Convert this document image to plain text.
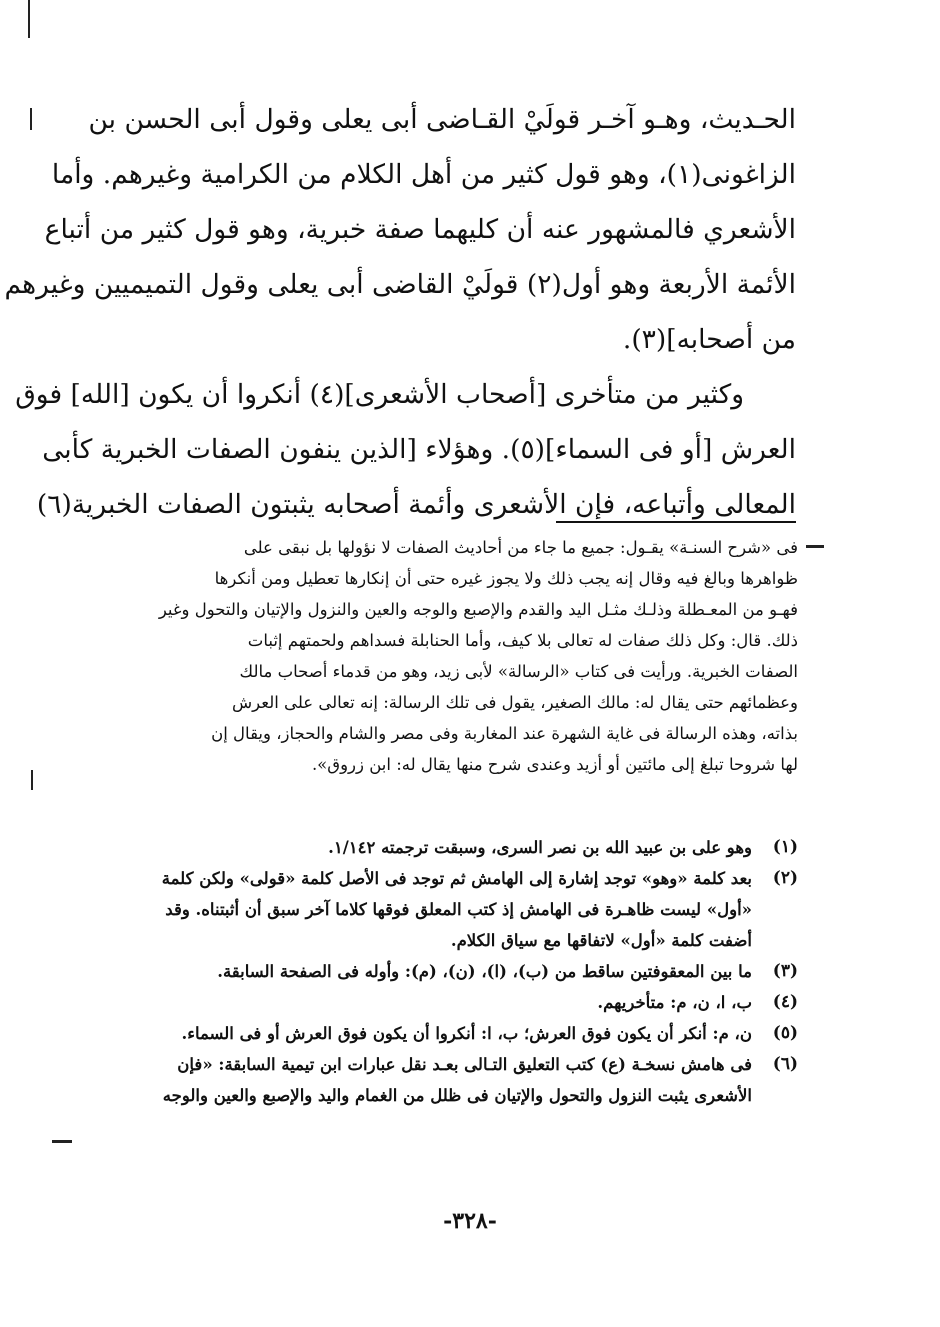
الحـديث، وهـو آخـر قولَيْ القـاضى أبى يعلى وقول أبى الحسن بن
الزاغونى(١)، وهو قول كثير من أهل الكلام من الكرامية وغيرهم. وأما
الأشعري فالمشهور عنه أن كليهما صفة خبرية، وهو قول كثير من أتباع
الأئمة الأربعة وهو أول(٢) قولَيْ القاضى أبى يعلى وقول التميميين وغيرهم
من أصحابه](٣).
وكثير من متأخرى [أصحاب الأشعرى](٤) أنكروا أن يكون [الله] فوق
العرش [أو فى السماء](٥). وهؤلاء [الذين ينفون الصفات الخبرية كأبى
المعالى وأتباعه، فإن الأشعرى وأئمة أصحابه يثبتون الصفات الخبرية(٦)
فى «شرح السنـة» يقـول: جميع ما جاء من أحاديث الصفات لا نؤولها بل نبقى على
ظواهرها وبالغ فيه وقال إنه يجب ذلك ولا يجوز غيره حتى أن إنكارها تعطيل ومن أنكرها
فهـو من المعـطلة وذلـك مثـل اليد والقدم والإصبع والوجه والعين والنزول والإتيان والتحول وغير
ذلك. قال: وكل ذلك صفات له تعالى بلا كيف، وأما الحنابلة فسداهم ولحمتهم إثبات
الصفات الخبرية. ورأيت فى كتاب «الرسالة» لأبى زيد، وهو من قدماء أصحاب مالك
وعظمائهم حتى يقال له: مالك الصغير، يقول فى تلك الرسالة: إنه تعالى على العرش
بذاته، وهذه الرسالة فى غاية الشهرة عند المغاربة وفى مصر والشام والحجاز، ويقال إن
لها شروحا تبلغ إلى مائتين أو أزيد وعندى شرح منها يقال له: ابن زروق».
(١)
وهو على بن عبيد الله بن نصر السرى، وسبقت ترجمته ١/١٤٢.
(٢)
بعد كلمة «وهو» توجد إشارة إلى الهامش ثم توجد فى الأصل كلمة «قولى» ولكن كلمة
«أول» ليست ظاهـرة فى الهامش إذ كتب المعلق فوقها كلاما آخر سبق أن أثبتناه. وقد
أضفت كلمة «أول» لاتفاقها مع سياق الكلام.
(٣)
ما بين المعقوفتين ساقط من (ب)، (ا)، (ن)، (م): وأوله فى الصفحة السابقة.
(٤)
ب، ا، ن، م: متأخريهم.
(٥)
ن، م: أنكر أن يكون فوق العرش؛ ب، ا: أنكروا أن يكون فوق العرش أو فى السماء.
(٦)
فى هامش نسخـة (ع) كتب التعليق التـالى بعـد نقل عبارات ابن تيمية السابقة: «فإن
الأشعرى يثبت النزول والتحول والإتيان فى ظلل من الغمام واليد والإصبع والعين والوجه
-٣٢٨-
